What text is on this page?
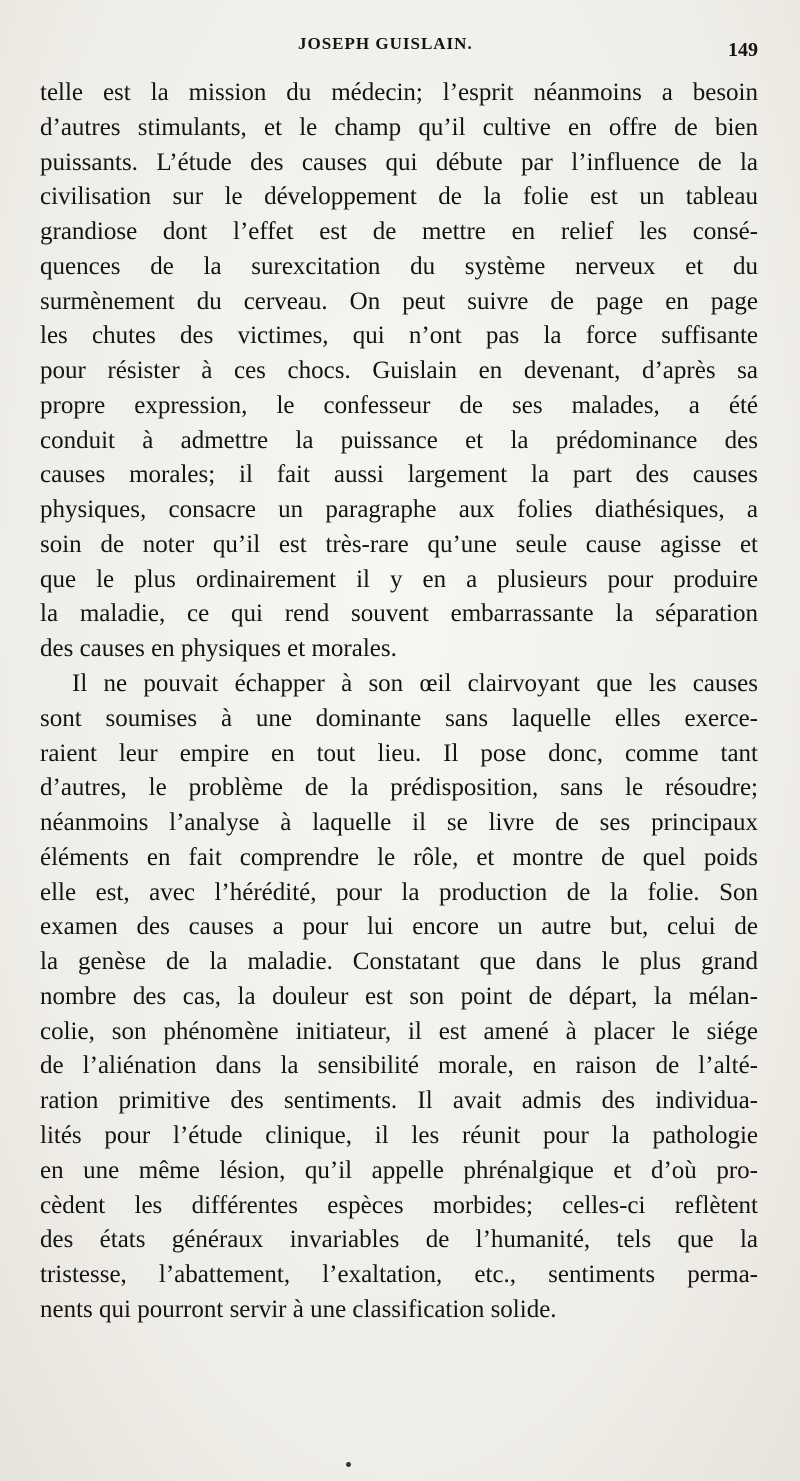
JOSEPH GUISLAIN.	149
telle est la mission du médecin; l’esprit néanmoins a besoin
d’autres stimulants, et le champ qu’il cultive en offre de bien
puissants. L’étude des causes qui débute par l’influence de la
civilisation sur le développement de la folie est un tableau
grandiose dont l’effet est de mettre en relief les consé-
quences de la surexcitation du système nerveux et du
surmènement du cerveau. On peut suivre de page en page
les chutes des victimes, qui n’ont pas la force suffisante
pour résister à ces chocs. Guislain en devenant, d’après sa
propre expression, le confesseur de ses malades, a été
conduit à admettre la puissance et la prédominance des
causes morales; il fait aussi largement la part des causes
physiques, consacre un paragraphe aux folies diathésiques, a
soin de noter qu’il est très-rare qu’une seule cause agisse et
que le plus ordinairement il y en a plusieurs pour produire
la maladie, ce qui rend souvent embarrassante la séparation
des causes en physiques et morales.
Il ne pouvait échapper à son œil clairvoyant que les causes
sont soumises à une dominante sans laquelle elles exerce-
raient leur empire en tout lieu. Il pose donc, comme tant
d’autres, le problème de la prédisposition, sans le résoudre;
néanmoins l’analyse à laquelle il se livre de ses principaux
éléments en fait comprendre le rôle, et montre de quel poids
elle est, avec l’hérédité, pour la production de la folie. Son
examen des causes a pour lui encore un autre but, celui de
la genèse de la maladie. Constatant que dans le plus grand
nombre des cas, la douleur est son point de départ, la mélan-
colie, son phénomène initiateur, il est amené à placer le siége
de l’aliénation dans la sensibilité morale, en raison de l’alté-
ration primitive des sentiments. Il avait admis des individua-
lités pour l’étude clinique, il les réunit pour la pathologie
en une même lésion, qu’il appelle phrénalgique et d’où pro-
cèdent les différentes espèces morbides; celles-ci reflètent
des états généraux invariables de l’humanité, tels que la
tristesse, l’abattement, l’exaltation, etc., sentiments perma-
nents qui pourront servir à une classification solide.
